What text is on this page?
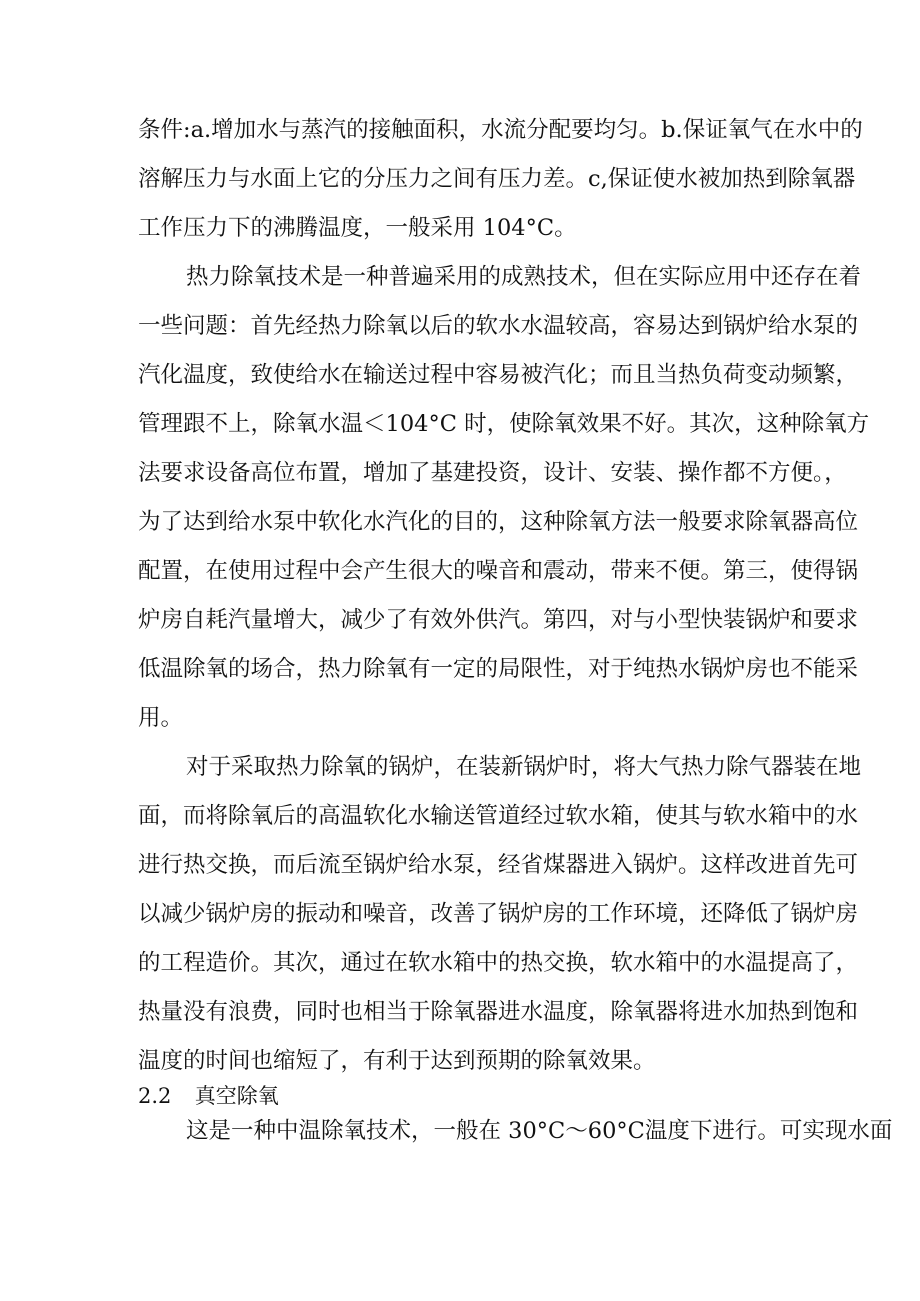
条件:a.增加水与蒸汽的接触面积，水流分配要均匀。b.保证氧气在水中的
溶解压力与水面上它的分压力之间有压力差。c,保证使水被加热到除氧器
工作压力下的沸腾温度，一般采用 104°C。
热力除氧技术是一种普遍采用的成熟技术，但在实际应用中还存在着
一些问题：首先经热力除氧以后的软水水温较高，容易达到锅炉给水泵的
汽化温度，致使给水在输送过程中容易被汽化；而且当热负荷变动频繁，
管理跟不上，除氧水温＜104°C 时，使除氧效果不好。其次，这种除氧方
法要求设备高位布置，增加了基建投资，设计、安装、操作都不方便。，
为了达到给水泵中软化水汽化的目的，这种除氧方法一般要求除氧器高位
配置，在使用过程中会产生很大的噪音和震动，带来不便。第三，使得锅
炉房自耗汽量增大，减少了有效外供汽。第四，对与小型快装锅炉和要求
低温除氧的场合，热力除氧有一定的局限性，对于纯热水锅炉房也不能采
用。
对于采取热力除氧的锅炉，在装新锅炉时，将大气热力除气器装在地
面，而将除氧后的高温软化水输送管道经过软水箱，使其与软水箱中的水
进行热交换，而后流至锅炉给水泵，经省煤器进入锅炉。这样改进首先可
以减少锅炉房的振动和噪音，改善了锅炉房的工作环境，还降低了锅炉房
的工程造价。其次，通过在软水箱中的热交换，软水箱中的水温提高了，
热量没有浪费，同时也相当于除氧器进水温度，除氧器将进水加热到饱和
温度的时间也缩短了，有利于达到预期的除氧效果。
2.2 真空除氧
这是一种中温除氧技术，一般在 30°C～60°C温度下进行。可实现水面
